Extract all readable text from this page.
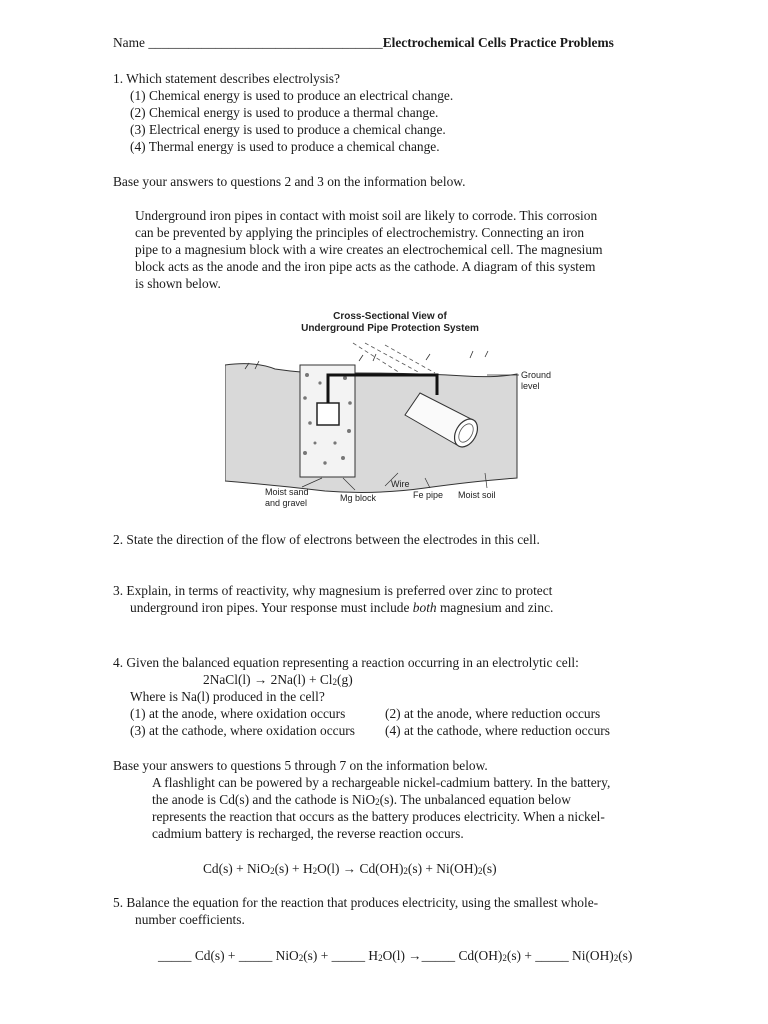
Name ___________________________________Electrochemical Cells Practice Problems
1. Which statement describes electrolysis?
(1) Chemical energy is used to produce an electrical change.
(2) Chemical energy is used to produce a thermal change.
(3) Electrical energy is used to produce a chemical change.
(4) Thermal energy is used to produce a chemical change.
Base your answers to questions 2 and 3 on the information below.
Underground iron pipes in contact with moist soil are likely to corrode. This corrosion
can be prevented by applying the principles of electrochemistry. Connecting an iron
pipe to a magnesium block with a wire creates an electrochemical cell. The magnesium
block acts as the anode and the iron pipe acts as the cathode. A diagram of this system
is shown below.
Cross-Sectional View of
Underground Pipe Protection System
Ground
level
Wire
Moist sand
and gravel	Mg block	Fe pipe Moist soil
2. State the direction of the flow of electrons between the electrodes in this cell.
3. Explain, in terms of reactivity, why magnesium is preferred over zinc to protect
underground iron pipes. Your response must include both magnesium and zinc.
4. Given the balanced equation representing a reaction occurring in an electrolytic cell:
2NaCl(l) → $2Na(l) + Cl_2(g)$
Where is Na(l) produced in the cell?
(1) at the anode, where oxidation occurs	(2) at the anode, where reduction occurs
(3) at the cathode, where oxidation occurs (4) at the cathode, where reduction occurs
Base your answers to questions 5 through 7 on the information below.
A flashlight can be powered by a rechargeable nickel-cadmium battery. In the battery,
the anode is Cd(s) and the cathode is NiO$_2$(s). The unbalanced equation below
represents the reaction that occurs as the battery produces electricity. When a nickel-
cadmium battery is recharged, the reverse reaction occurs.
$Cd(s) + NiO_2(s) + H_2O(l) \to Cd(OH)_2(s) + Ni(OH)_2(s)$
5. Balance the equation for the reaction that produces electricity, using the smallest whole-
number coefficients.
_____ Cd(s) + _____ NiO$_2$(s) + _____ $H_2O(l)$ →_____ $Cd(OH)_2(s)$ + _____ $Ni(OH)_2(s)$
